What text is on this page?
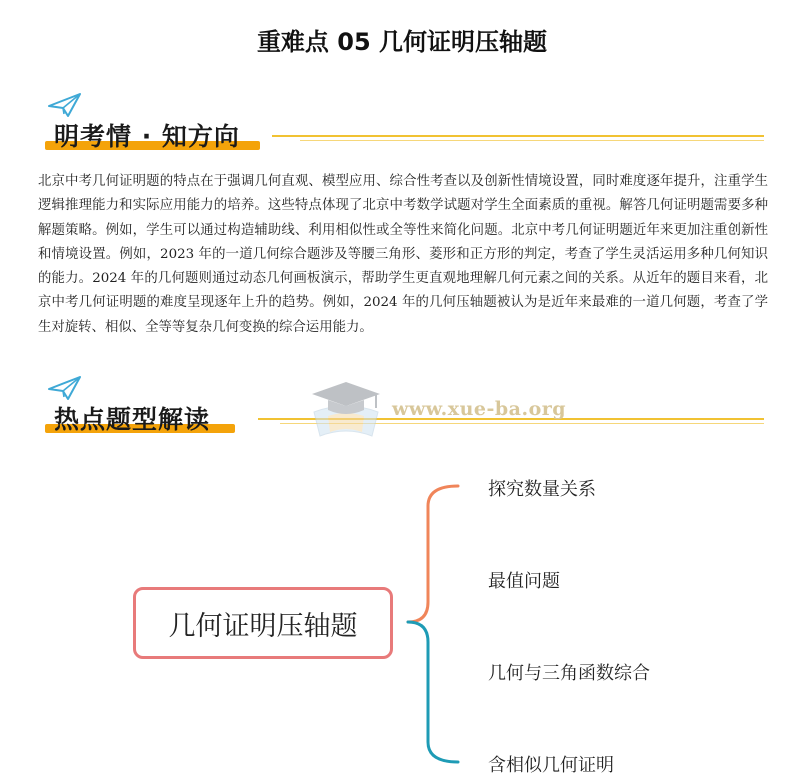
重难点 05 几何证明压轴题
明考情 · 知方向
北京中考几何证明题的特点在于强调几何直观、模型应用、综合性考查以及创新性情境设置，同时难度逐年提升，注重学生逻辑推理能力和实际应用能力的培养。这些特点体现了北京中考数学试题对学生全面素质的重视。解答几何证明题需要多种解题策略。例如，学生可以通过构造辅助线、利用相似性或全等性来简化问题。北京中考几何证明题近年来更加注重创新性和情境设置。例如，2023 年的一道几何综合题涉及等腰三角形、菱形和正方形的判定，考查了学生灵活运用多种几何知识的能力。2024 年的几何题则通过动态几何画板演示，帮助学生更直观地理解几何元素之间的关系。从近年的题目来看，北京中考几何证明题的难度呈现逐年上升的趋势。例如，2024 年的几何压轴题被认为是近年来最难的一道几何题，考查了学生对旋转、相似、全等等复杂几何变换的综合运用能力。
热点题型解读	www.xue-ba.org
几何证明压轴题
探究数量关系
最值问题
几何与三角函数综合
含相似几何证明
